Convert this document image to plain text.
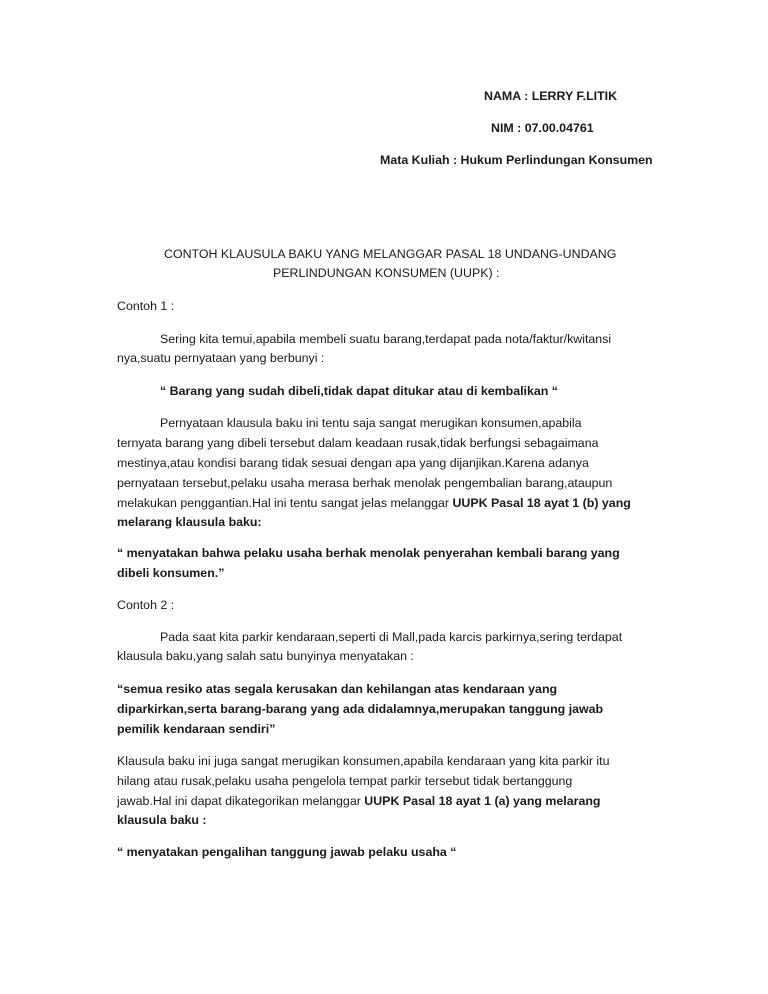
NAMA : LERRY F.LITIK
NIM : 07.00.04761
Mata Kuliah : Hukum Perlindungan Konsumen
CONTOH KLAUSULA BAKU YANG MELANGGAR PASAL 18 UNDANG-UNDANG
PERLINDUNGAN KONSUMEN (UUPK) :
Contoh 1 :
Sering kita temui,apabila membeli suatu barang,terdapat pada nota/faktur/kwitansi
nya,suatu pernyataan yang berbunyi :
“ Barang yang sudah dibeli,tidak dapat ditukar atau di kembalikan “
Pernyataan klausula baku ini tentu saja sangat merugikan konsumen,apabila
ternyata barang yang dibeli tersebut dalam keadaan rusak,tidak berfungsi sebagaimana
mestinya,atau kondisi barang tidak sesuai dengan apa yang dijanjikan.Karena adanya
pernyataan tersebut,pelaku usaha merasa berhak menolak pengembalian barang,ataupun
melakukan penggantian.Hal ini tentu sangat jelas melanggar UUPK Pasal 18 ayat 1 (b) yang
melarang klausula baku:
“ menyatakan bahwa pelaku usaha berhak menolak penyerahan kembali barang yang
dibeli konsumen.”
Contoh 2 :
Pada saat kita parkir kendaraan,seperti di Mall,pada karcis parkirnya,sering terdapat
klausula baku,yang salah satu bunyinya menyatakan :
“semua resiko atas segala kerusakan dan kehilangan atas kendaraan yang
diparkirkan,serta barang-barang yang ada didalamnya,merupakan tanggung jawab
pemilik kendaraan sendiri”
Klausula baku ini juga sangat merugikan konsumen,apabila kendaraan yang kita parkir itu
hilang atau rusak,pelaku usaha pengelola tempat parkir tersebut tidak bertanggung
jawab.Hal ini dapat dikategorikan melanggar UUPK Pasal 18 ayat 1 (a) yang melarang
klausula baku :
“ menyatakan pengalihan tanggung jawab pelaku usaha “
